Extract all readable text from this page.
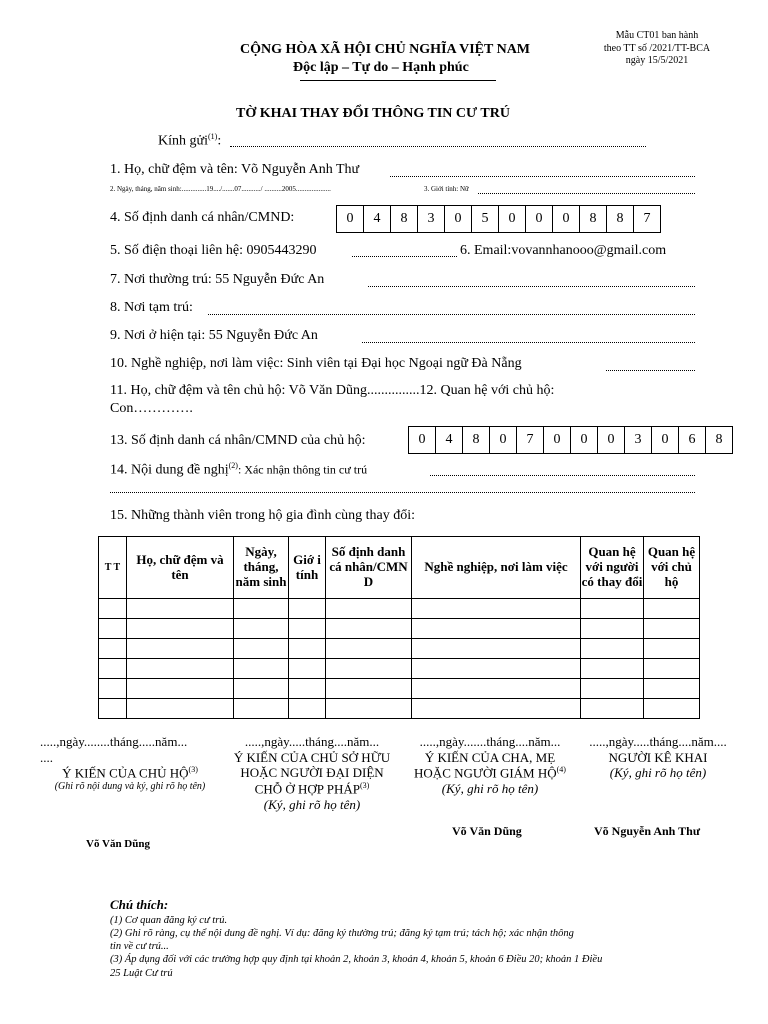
CỘNG HÒA XÃ HỘI CHỦ NGHĨA VIỆT NAM
Độc lập – Tự do – Hạnh phúc
Mẫu CT01 ban hành
theo TT số /2021/TT-BCA
ngày 15/5/2021
TỜ KHAI THAY ĐỔI THÔNG TIN CƯ TRÚ
Kính gửi$^{(1)}$:
1. Họ, chữ đệm và tên: Võ Nguyễn Anh Thư
2. Ngày, tháng, năm sinh:..............19..../.......07.........../ ..........2005....................	3. Giới tính: Nữ
4. Số định danh cá nhân/CMND:	0	4	8	3	0	5	0	0	0	8	8	7
5. Số điện thoại liên hệ: 0905443290	6. Email:vovannhanooo@gmail.com
7. Nơi thường trú: 55 Nguyễn Đức An
8. Nơi tạm trú:
9. Nơi ở hiện tại: 55 Nguyễn Đức An
10. Nghề nghiệp, nơi làm việc: Sinh viên tại Đại học Ngoại ngữ Đà Nẵng
11. Họ, chữ đệm và tên chủ hộ: Võ Văn Dũng...............12. Quan hệ với chủ hộ:
Con………….
13. Số định danh cá nhân/CMND của chủ hộ:	0	4	8	0	7	0	0	0	3	0	6	8
14. Nội dung đề nghị$^{(2)}$: Xác nhận thông tin cư trú
15. Những thành viên trong hộ gia đình cùng thay đổi:
T T	Họ, chữ đệm và tên	Ngày, tháng, năm sinh	Giớ i tính	Số định danh cá nhân/CMN D	Nghề nghiệp, nơi làm việc	Quan hệ với người có thay đổi	Quan hệ với chủ hộ

.....,ngày........tháng.....năm...
....
Ý KIẾN CỦA CHỦ HỘ$^{(3)}$
(Ghi rõ nội dung và ký, ghi rõ họ tên)
Võ Văn Dũng
.....,ngày.....tháng....năm...
Ý KIẾN CỦA CHỦ SỞ HỮU
HOẶC NGƯỜI ĐẠI DIỆN
CHỖ Ở HỢP PHÁP$^{(3)}$
(Ký, ghi rõ họ tên)
.....,ngày.......tháng....năm...
Ý KIẾN CỦA CHA, MẸ
HOẶC NGƯỜI GIÁM HỘ$^{(4)}$
(Ký, ghi rõ họ tên)
Võ Văn Dũng
.....,ngày.....tháng....năm....
NGƯỜI KÊ KHAI
(Ký, ghi rõ họ tên)
Võ Nguyễn Anh Thư
Chú thích:
(1) Cơ quan đăng ký cư trú.
(2) Ghi rõ ràng, cụ thể nội dung đề nghị. Ví dụ: đăng ký thường trú; đăng ký tạm trú; tách hộ; xác nhận thông
tin về cư trú...
(3) Áp dụng đối với các trường hợp quy định tại khoản 2, khoản 3, khoản 4, khoản 5, khoản 6 Điều 20; khoản 1 Điều
25 Luật Cư trú
